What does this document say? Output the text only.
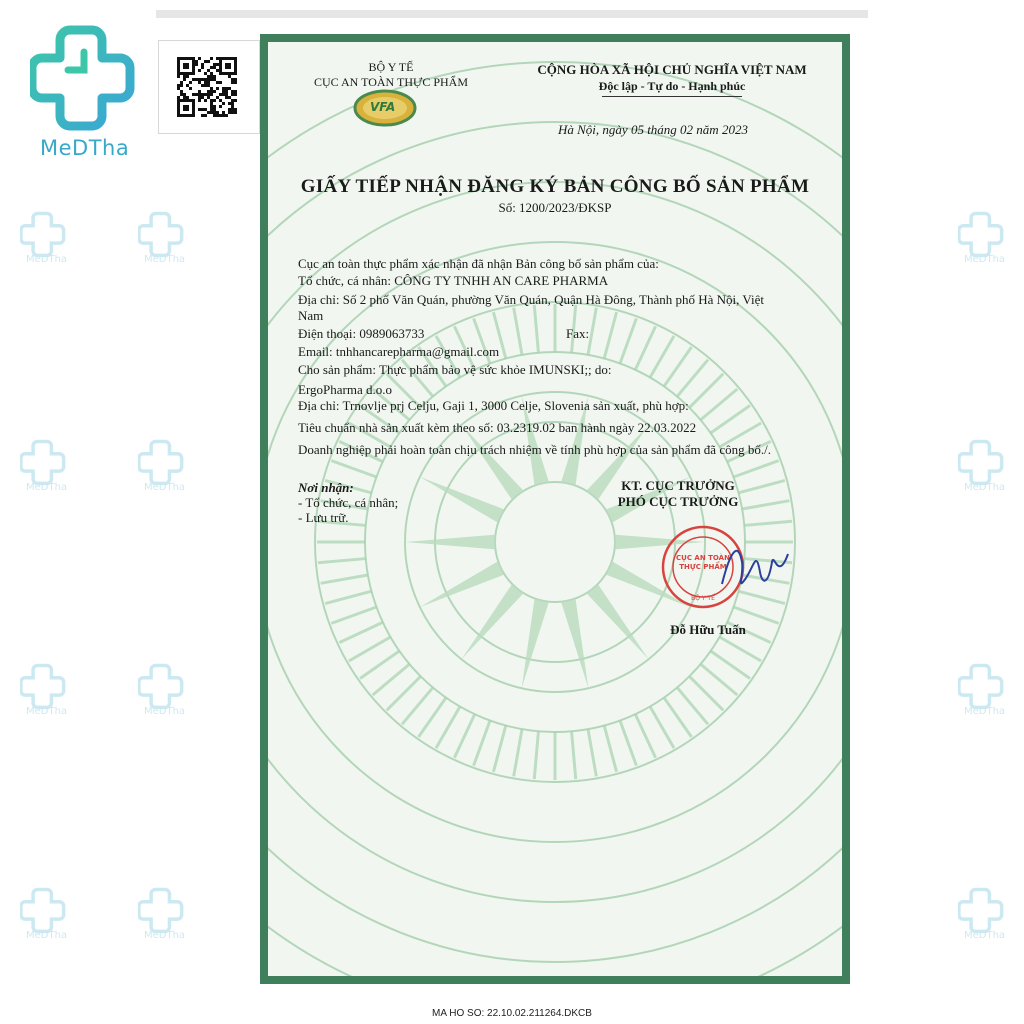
MeDTha
MeDTha	MeDTha	MeDTha
MeDTha	MeDTha	MeDTha
MeDTha	MeDTha	MeDTha
MeDTha	MeDTha	MeDTha
BỘ Y TẾ
CỤC AN TOÀN THỰC PHẨM
VFA
CỘNG HÒA XÃ HỘI CHỦ NGHĨA VIỆT NAM
Độc lập - Tự do - Hạnh phúc
Hà Nội, ngày 05 tháng 02 năm 2023
GIẤY TIẾP NHẬN ĐĂNG KÝ BẢN CÔNG BỐ SẢN PHẨM
Số: 1200/2023/ĐKSP
Cục an toàn thực phẩm xác nhận đã nhận Bản công bố sản phẩm của:
Tổ chức, cá nhân: CÔNG TY TNHH AN CARE PHARMA
Địa chỉ: Số 2 phố Văn Quán, phường Văn Quán, Quận Hà Đông, Thành phố Hà Nội, Việt
Nam
Điện thoại: 0989063733	Fax:
Email: tnhhancarepharma@gmail.com
Cho sản phẩm: Thực phẩm bảo vệ sức khỏe IMUNSKI;; do:
ErgoPharma d.o.o
Địa chỉ: Trnovlje prj Celju, Gaji 1, 3000 Celje, Slovenia sản xuất, phù hợp:
Tiêu chuẩn nhà sản xuất kèm theo số: 03.2319.02 ban hành ngày 22.03.2022
Doanh nghiệp phải hoàn toàn chịu trách nhiệm về tính phù hợp của sản phẩm đã công bố./.
Nơi nhận:
- Tổ chức, cá nhân;
- Lưu trữ.
KT. CỤC TRƯỞNG
PHÓ CỤC TRƯỞNG
CỤC AN TOÀN THỰC PHẨM
BỘ Y TẾ
Đỗ Hữu Tuấn
MA HO SO: 22.10.02.211264.DKCB
